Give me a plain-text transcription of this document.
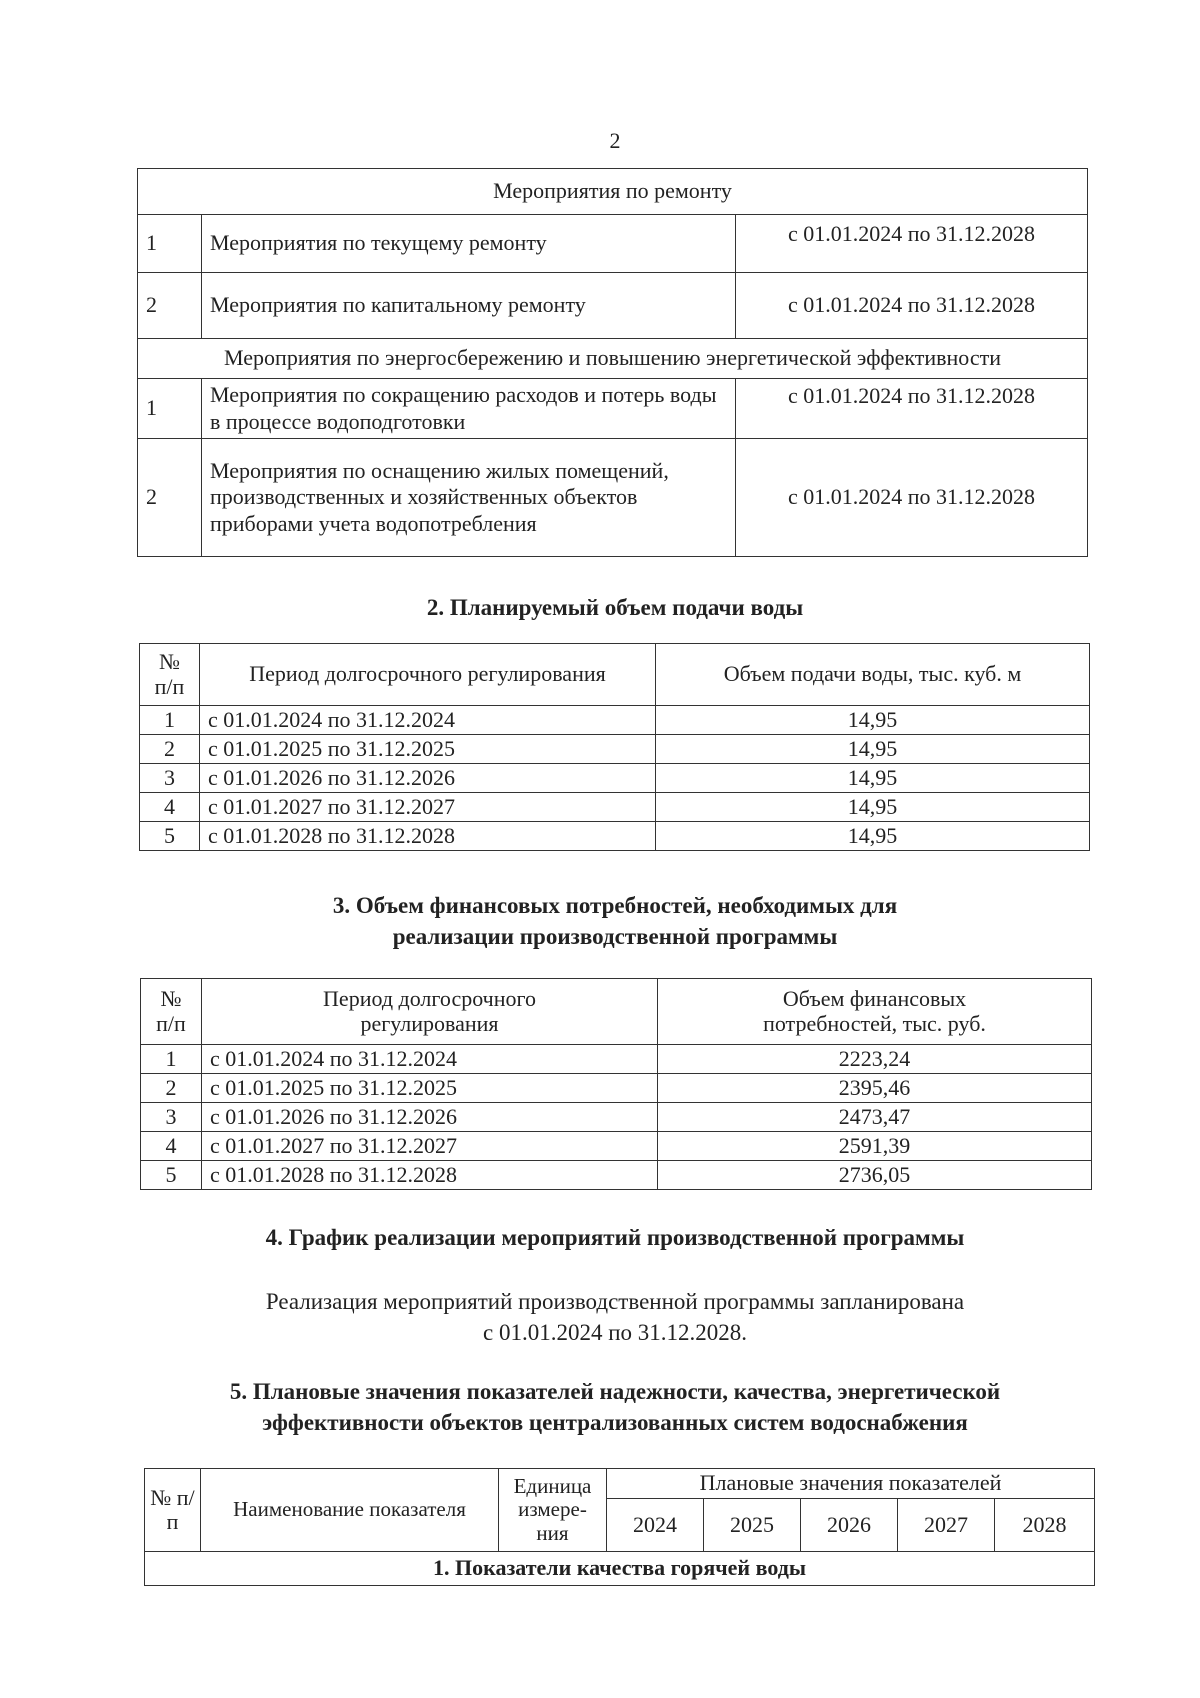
2
Мероприятия по ремонту		
1	Мероприятия по текущему ремонту	с 01.01.2024 по 31.12.2028
2	Мероприятия по капитальному ремонту	с 01.01.2024 по 31.12.2028
Мероприятия по энергосбережению и повышению энергетической эффективности		
1	Мероприятия по сокращению расходов и потерь воды в процессе водоподготовки	с 01.01.2024 по 31.12.2028
2	Мероприятия по оснащению жилых помещений, производственных и хозяйственных объектов приборами учета водопотребления	с 01.01.2024 по 31.12.2028
2. Планируемый объем подачи воды
№ п/п	Период долгосрочного регулирования	Объем подачи воды, тыс. куб. м
1	с 01.01.2024 по 31.12.2024	14,95
2	с 01.01.2025 по 31.12.2025	14,95
3	с 01.01.2026 по 31.12.2026	14,95
4	с 01.01.2027 по 31.12.2027	14,95
5	с 01.01.2028 по 31.12.2028	14,95
3. Объем финансовых потребностей, необходимых для
реализации производственной программы
№ п/п	Период долгосрочного регулирования	Объем финансовых потребностей, тыс. руб.
1	с 01.01.2024 по 31.12.2024	2223,24
2	с 01.01.2025 по 31.12.2025	2395,46
3	с 01.01.2026 по 31.12.2026	2473,47
4	с 01.01.2027 по 31.12.2027	2591,39
5	с 01.01.2028 по 31.12.2028	2736,05
4. График реализации мероприятий производственной программы
Реализация мероприятий производственной программы запланирована
с 01.01.2024 по 31.12.2028.
5. Плановые значения показателей надежности, качества, энергетической
эффективности объектов централизованных систем водоснабжения
№ п/п	Наименование показателя	Единица измере-ния	Плановые значения показателей				
			2024	2025	2026	2027	2028
1. Показатели качества горячей воды							
